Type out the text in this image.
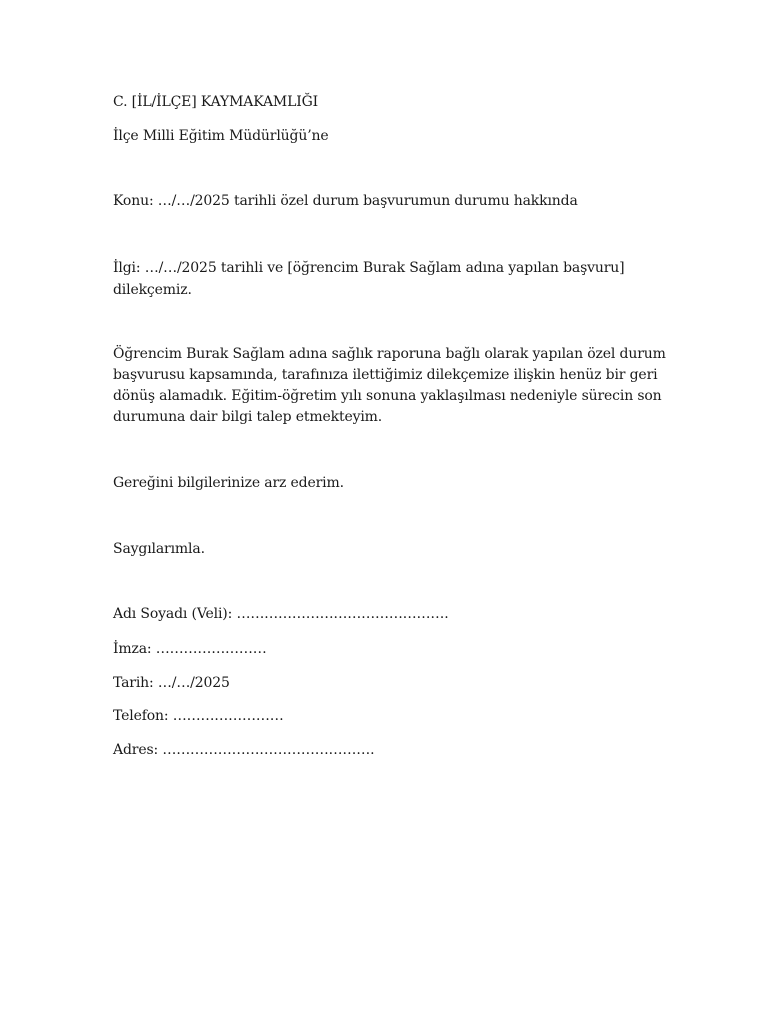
C. [İL/İLÇE] KAYMAKAMLIĞI
İlçe Milli Eğitim Müdürlüğü’ne
Konu: …/…/2025 tarihli özel durum başvurumun durumu hakkında
İlgi: …/…/2025 tarihli ve [öğrencim Burak Sağlam adına yapılan başvuru]
dilekçemiz.
Öğrencim Burak Sağlam adına sağlık raporuna bağlı olarak yapılan özel durum
başvurusu kapsamında, tarafınıza ilettiğimiz dilekçemize ilişkin henüz bir geri
dönüş alamadık. Eğitim-öğretim yılı sonuna yaklaşılması nedeniyle sürecin son
durumuna dair bilgi talep etmekteyim.
Gereğini bilgilerinize arz ederim.
Saygılarımla.
Adı Soyadı (Veli): ……………………………………….
İmza: ……………………
Tarih: …/…/2025
Telefon: ……………………
Adres: ……………………………………….
